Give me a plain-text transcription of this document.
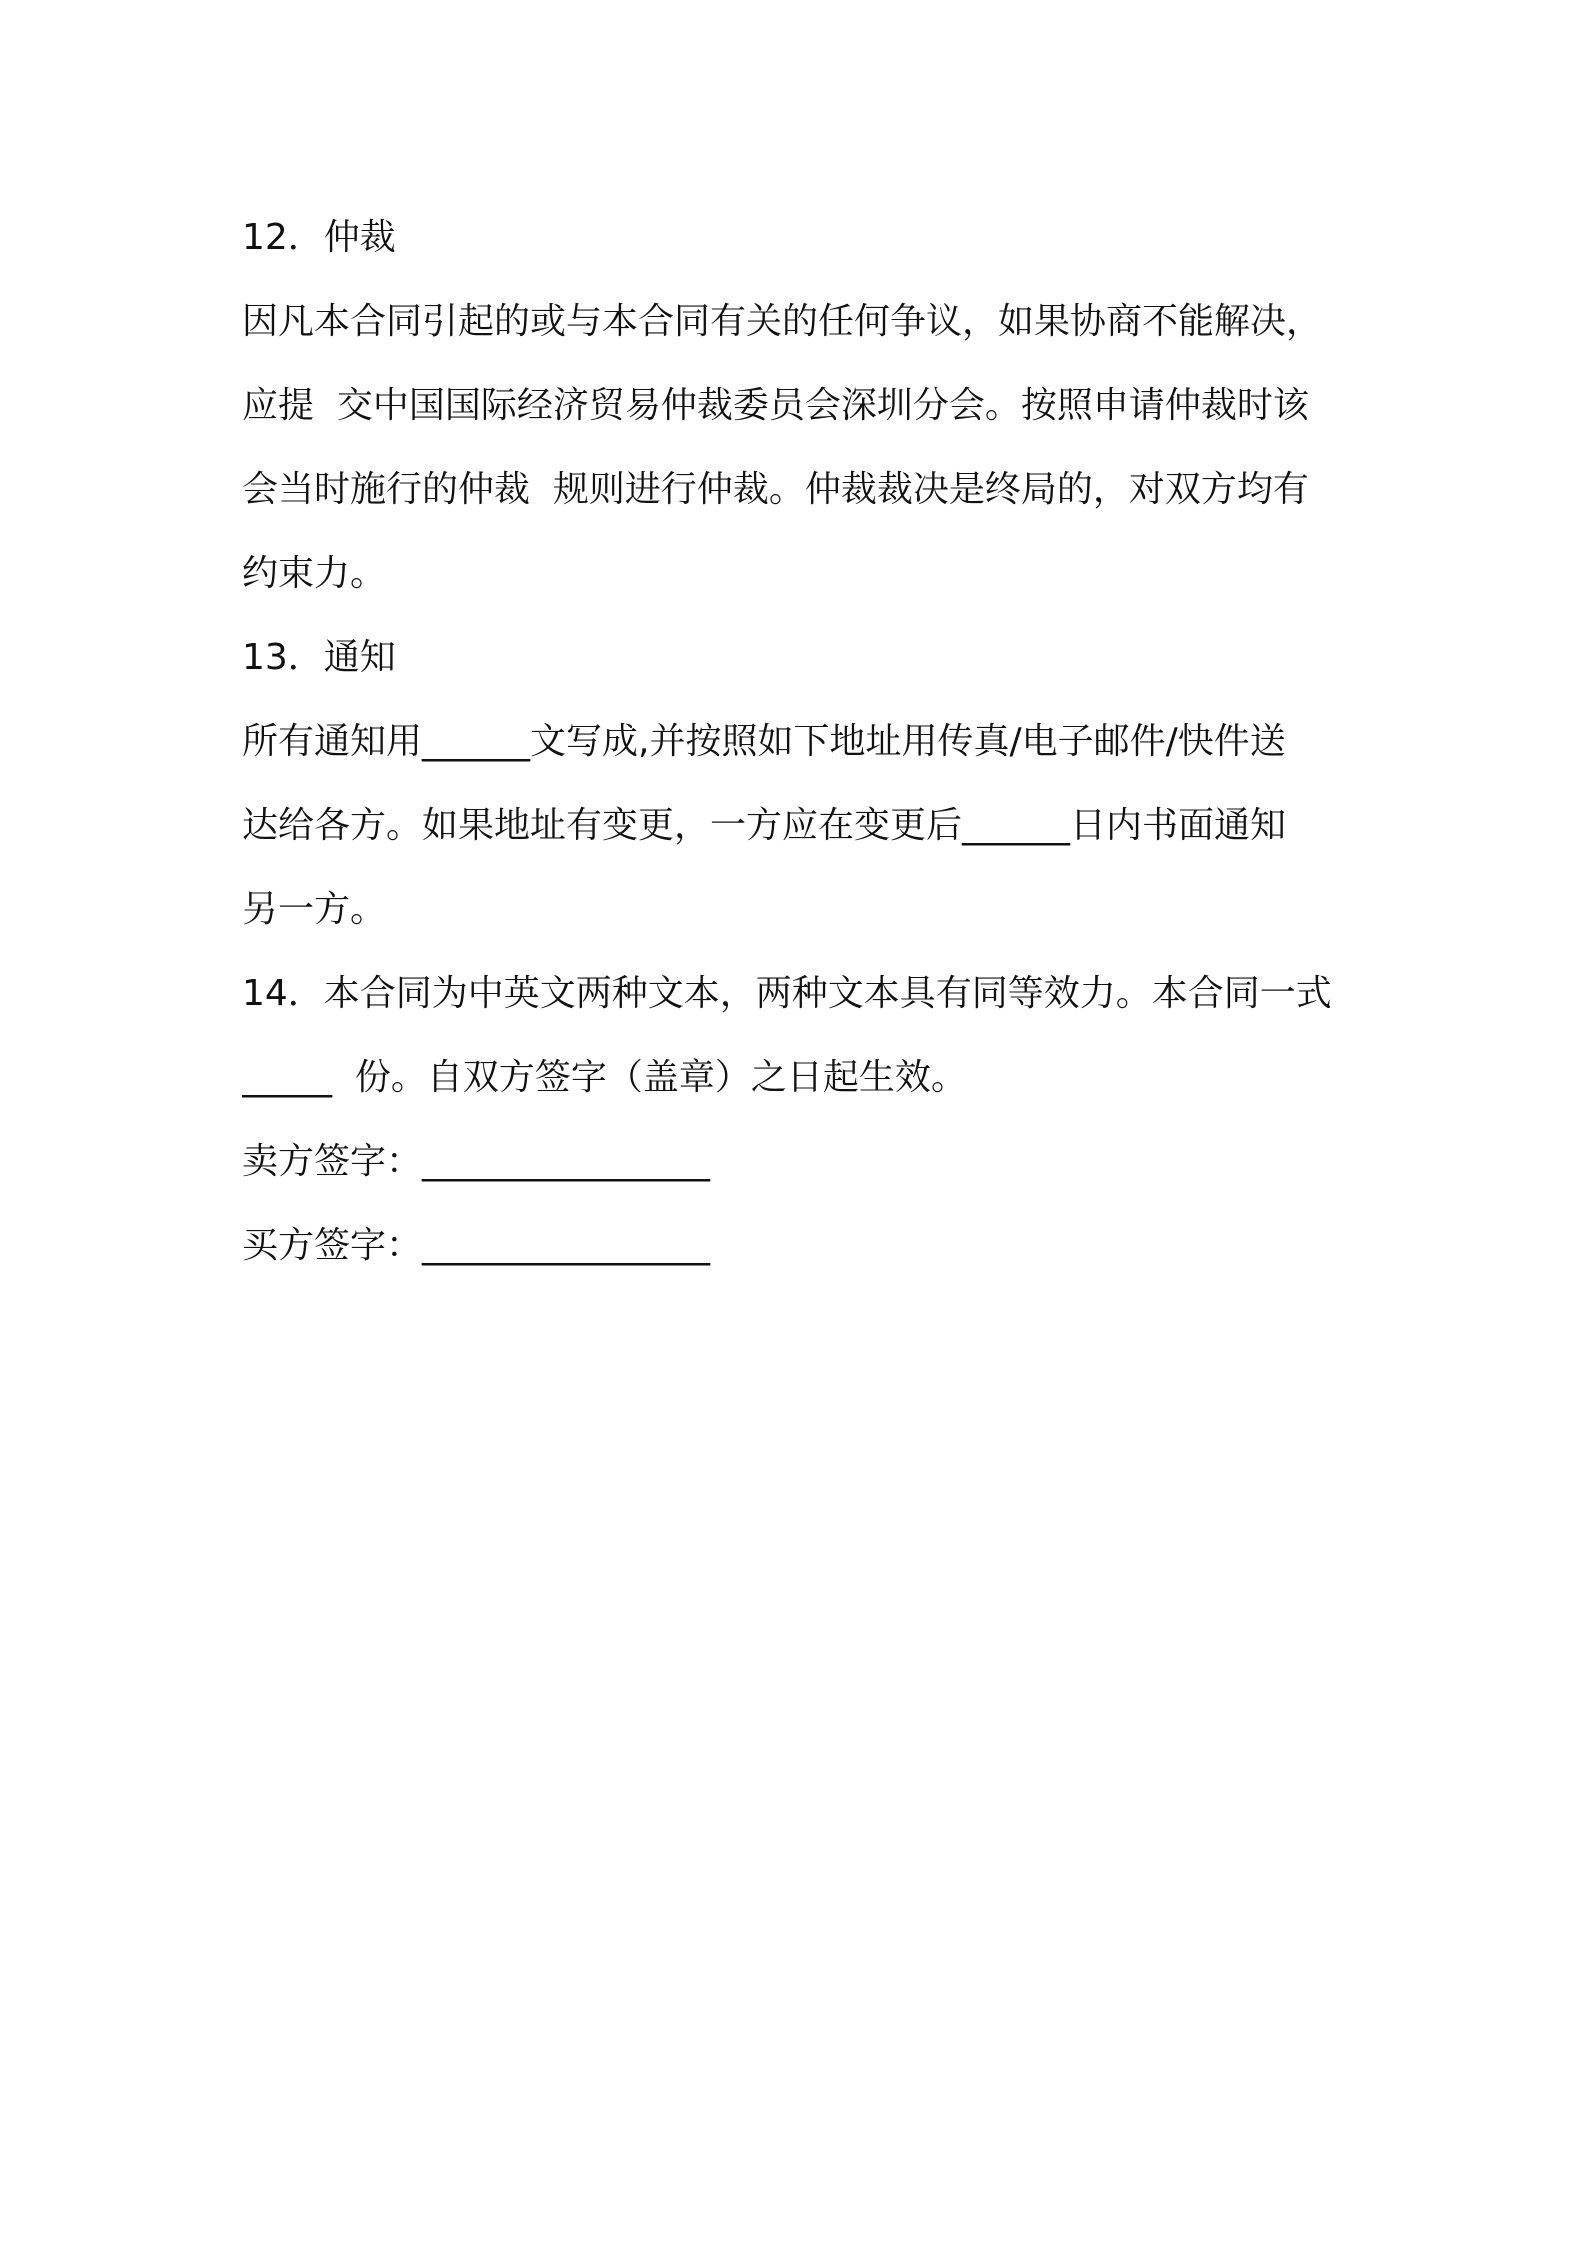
12．仲裁
因凡本合同引起的或与本合同有关的任何争议，如果协商不能解决，
应提  交中国国际经济贸易仲裁委员会深圳分会。按照申请仲裁时该
会当时施行的仲裁  规则进行仲裁。仲裁裁决是终局的，对双方均有
约束力。
13．通知
所有通知用______文写成,并按照如下地址用传真/电子邮件/快件送
达给各方。如果地址有变更，一方应在变更后______日内书面通知
另一方。
14．本合同为中英文两种文本，两种文本具有同等效力。本合同一式
_____  份。自双方签字（盖章）之日起生效。
卖方签字：________________
买方签字：________________
